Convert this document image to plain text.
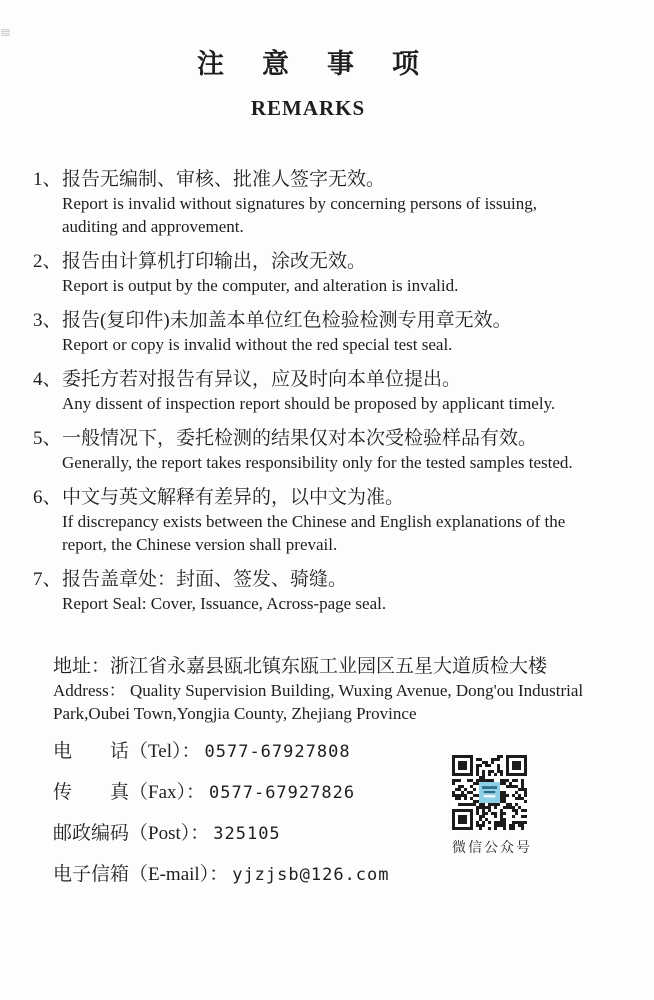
注意事项
REMARKS
1、 报告无编制、审核、批准人签字无效。
Report is invalid without signatures by concerning persons of issuing,
auditing and approvement.
2、 报告由计算机打印输出，涂改无效。
Report is output by the computer, and alteration is invalid.
3、 报告(复印件)未加盖本单位红色检验检测专用章无效。
Report or copy is invalid without the red special test seal.
4、 委托方若对报告有异议，应及时向本单位提出。
Any dissent of inspection report should be proposed by applicant timely.
5、 一般情况下，委托检测的结果仅对本次受检验样品有效。
Generally, the report takes responsibility only for the tested samples tested.
6、 中文与英文解释有差异的，以中文为准。
If discrepancy exists between the Chinese and English explanations of the
report, the Chinese version shall prevail.
7、 报告盖章处：封面、签发、骑缝。
Report Seal: Cover, Issuance, Across-page seal.
地址：浙江省永嘉县瓯北镇东瓯工业园区五星大道质检大楼
Address： Quality Supervision Building, Wuxing Avenue, Dong'ou Industrial
Park,Oubei Town,Yongjia County, Zhejiang Province
电　　话（Tel）： 0577-67927808
传　　真（Fax）： 0577-67927826
邮政编码（Post）： 325105
电子信箱（E-mail）： yjzjsb@126.com
微信公众号
